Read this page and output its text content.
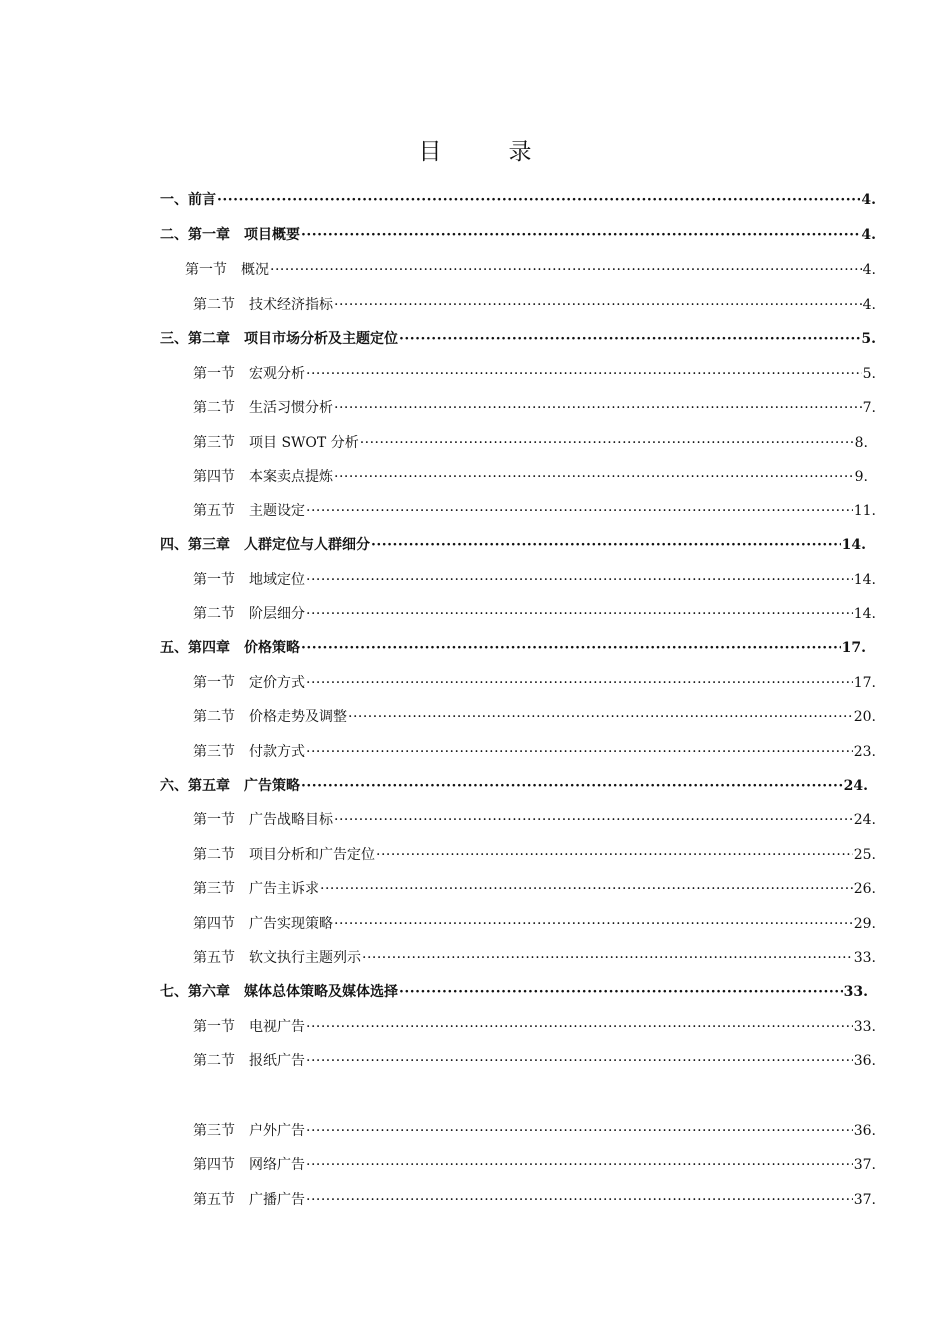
目　录
一、前言 ·····	4.
二、第一章　项目概要 ·····	4.
第一节　概况 ·····	4.
第二节　技术经济指标 ·····	4.
三、第二章　项目市场分析及主题定位 ·····	5.
第一节　宏观分析 ·····	5.
第二节　生活习惯分析 ·····	7.
第三节　项目 SWOT 分析 ·····	8.
第四节　本案卖点提炼 ·····	9.
第五节　主题设定 ·····	11.
四、第三章　人群定位与人群细分 ·····	14.
第一节　地域定位 ·····	14.
第二节　阶层细分 ·····	14.
五、第四章　价格策略 ·····	17.
第一节　定价方式 ·····	17.
第二节　价格走势及调整 ·····	20.
第三节　付款方式 ·····	23.
六、第五章　广告策略 ·····	24.
第一节　广告战略目标 ·····	24.
第二节　项目分析和广告定位 ·····	25.
第三节　广告主诉求 ·····	26.
第四节　广告实现策略 ·····	29.
第五节　软文执行主题列示 ·····	33.
七、第六章　媒体总体策略及媒体选择 ·····	33.
第一节　电视广告 ·····	33.
第二节　报纸广告 ·····	36.
第三节　户外广告 ·····	36.
第四节　网络广告 ·····	37.
第五节　广播广告 ·····	37.
